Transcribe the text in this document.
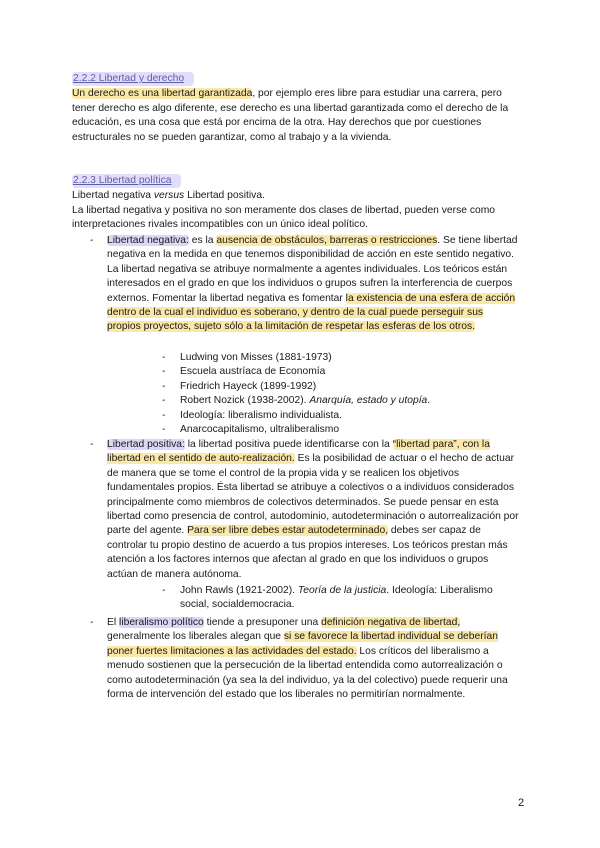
2.2.2 Libertad y derecho

Un derecho es una libertad garantizada, por ejemplo eres libre para estudiar una carrera, pero tener derecho es algo diferente, ese derecho es una libertad garantizada como el derecho de la educación, es una cosa que está por encima de la otra. Hay derechos que por cuestiones estructurales no se pueden garantizar, como al trabajo y a la vivienda.

2.2.3 Libertad política

Libertad negativa versus Libertad positiva.

La libertad negativa y positiva no son meramente dos clases de libertad, pueden verse como interpretaciones rivales incompatibles con un único ideal político.

- Libertad negativa: es la ausencia de obstáculos, barreras o restricciones. Se tiene libertad negativa en la medida en que tenemos disponibilidad de acción en este sentido negativo. La libertad negativa se atribuye normalmente a agentes individuales. Los teóricos están interesados en el grado en que los individuos o grupos sufren la interferencia de cuerpos externos. Fomentar la libertad negativa es fomentar la existencia de una esfera de acción dentro de la cual el individuo es soberano, y dentro de la cual puede perseguir sus propios proyectos, sujeto sólo a la limitación de respetar las esferas de los otros.

- Ludwing von Misses (1881-1973)
- Escuela austríaca de Economía
- Friedrich Hayeck (1899-1992)
- Robert Nozick (1938-2002). Anarquía, estado y utopía.
- Ideología: liberalismo individualista.
- Anarcocapitalismo, ultraliberalismo
- Libertad positiva: la libertad positiva puede identificarse con la “libertad para”, con la libertad en el sentido de auto-realización. Es la posibilidad de actuar o el hecho de actuar de manera que se tome el control de la propia vida y se realicen los objetivos fundamentales propios. Ésta libertad se atribuye a colectivos o a individuos considerados principalmente como miembros de colectivos determinados. Se puede pensar en esta libertad como presencia de control, autodominio, autodeterminación o autorrealización por parte del agente. Para ser libre debes estar autodeterminado, debes ser capaz de controlar tu propio destino de acuerdo a tus propios intereses. Los teóricos prestan más atención a los factores internos que afectan al grado en que los individuos o grupos actúan de manera autónoma.

- John Rawls (1921-2002). Teoría de la justicia. Ideología: Liberalismo social, socialdemocracia.
- El liberalismo político tiende a presuponer una definición negativa de libertad, generalmente los liberales alegan que si se favorece la libertad individual se deberían poner fuertes limitaciones a las actividades del estado. Los críticos del liberalismo a menudo sostienen que la persecución de la libertad entendida como autorrealización o como autodeterminación (ya sea la del individuo, ya la del colectivo) puede requerir una forma de intervención del estado que los liberales no permitirían normalmente.

2
